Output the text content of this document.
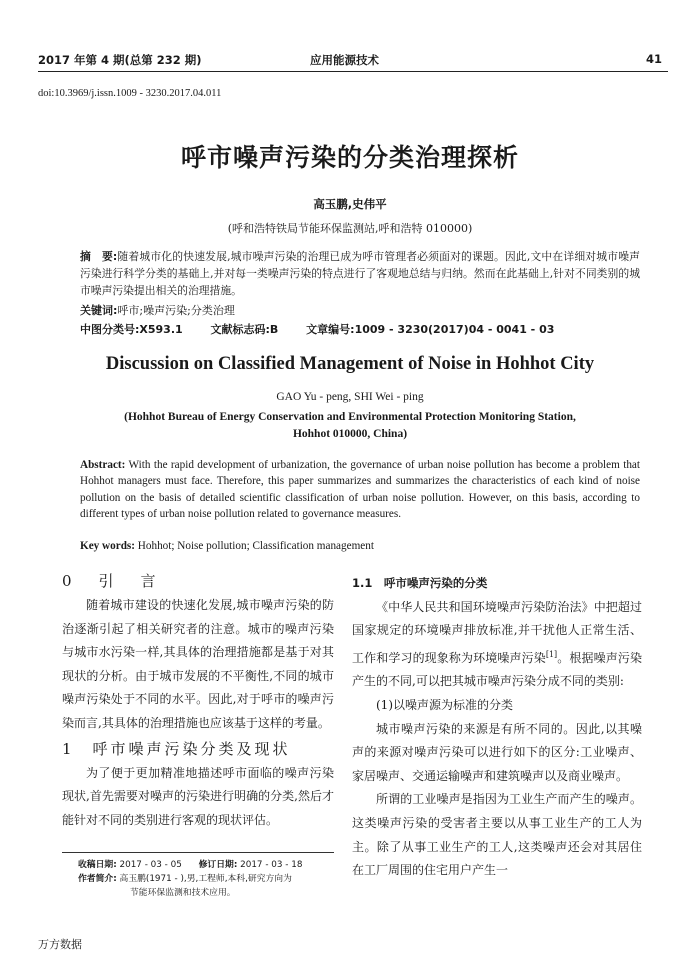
2017 年第 4 期(总第 232 期)	应用能源技术	41
doi:10.3969/j.issn.1009 - 3230.2017.04.011
呼市噪声污染的分类治理探析
高玉鹏,史伟平
(呼和浩特铁局节能环保监测站,呼和浩特 010000)
摘　要:随着城市化的快速发展,城市噪声污染的治理已成为呼市管理者必须面对的课题。因此,文中在详细对城市噪声污染进行科学分类的基础上,并对每一类噪声污染的特点进行了客观地总结与归纳。然而在此基础上,针对不同类别的城市噪声污染提出相关的治理措施。
关键词:呼市;噪声污染;分类治理
中图分类号:X593.1	文献标志码:B	文章编号:1009 - 3230(2017)04 - 0041 - 03
Discussion on Classified Management of Noise in Hohhot City
GAO Yu - peng, SHI Wei - ping
(Hohhot Bureau of Energy Conservation and Environmental Protection Monitoring Station,
Hohhot 010000, China)
Abstract: With the rapid development of urbanization, the governance of urban noise pollution has become a problem that Hohhot managers must face. Therefore, this paper summarizes and summarizes the characteristics of each kind of noise pollution on the basis of detailed scientific classification of urban noise pollution. However, on this basis, according to different types of urban noise pollution related to governance measures.
Key words: Hohhot; Noise pollution; Classification management
0　引　言

随着城市建设的快速化发展,城市噪声污染的防治逐渐引起了相关研究者的注意。城市的噪声污染与城市水污染一样,其具体的治理措施都是基于对其现状的分析。由于城市发展的不平衡性,不同的城市噪声污染处于不同的水平。因此,对于呼市的噪声污染而言,其具体的治理措施也应该基于这样的考量。

1　呼市噪声污染分类及现状

为了便于更加精准地描述呼市面临的噪声污染现状,首先需要对噪声的污染进行明确的分类,然后才能针对不同的类别进行客观的现状评估。

收稿日期: 2017 - 03 - 05 修订日期: 2017 - 03 - 18
作者简介: 高玉鹏(1971 - ),男,工程师,本科,研究方向为
节能环保监测和技术应用。
1.1　呼市噪声污染的分类

《中华人民共和国环境噪声污染防治法》中把超过国家规定的环境噪声排放标准,并干扰他人正常生活、工作和学习的现象称为环境噪声污染[1]。根据噪声污染产生的不同,可以把其城市噪声污染分成不同的类别:

(1)以噪声源为标准的分类

城市噪声污染的来源是有所不同的。因此,以其噪声的来源对噪声污染可以进行如下的区分:工业噪声、家居噪声、交通运输噪声和建筑噪声以及商业噪声。

所谓的工业噪声是指因为工业生产而产生的噪声。这类噪声污染的受害者主要以从事工业生产的工人为主。除了从事工业生产的工人,这类噪声还会对其居住在工厂周围的住宅用户产生一

万方数据
